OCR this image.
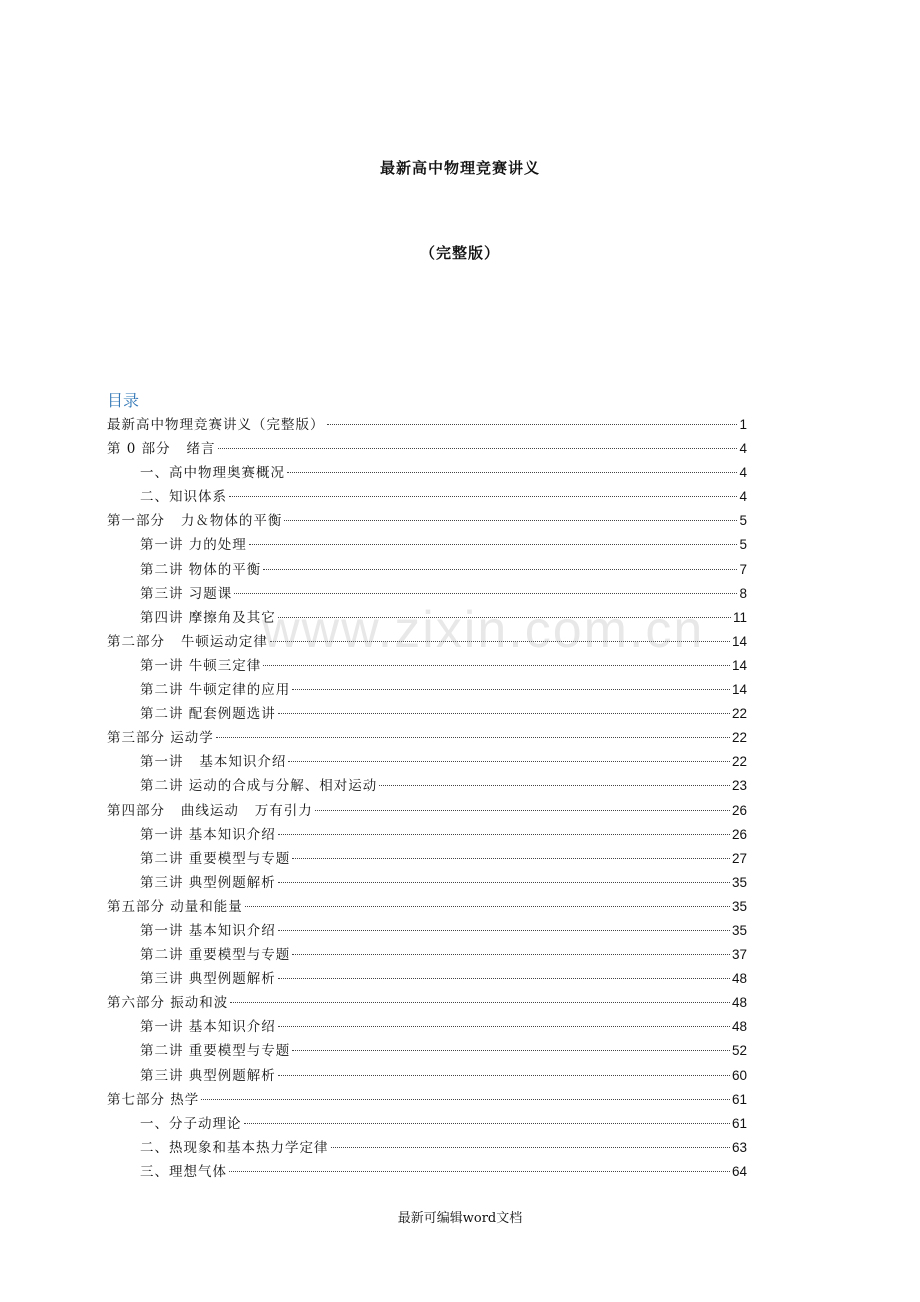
最新高中物理竞赛讲义
（完整版）
目录
最新高中物理竞赛讲义（完整版）	1
第 0 部分   绪言	4
一、高中物理奥赛概况	4
二、知识体系	4
第一部分   力＆物体的平衡	5
第一讲 力的处理	5
第二讲 物体的平衡	7
第三讲 习题课	8
第四讲 摩擦角及其它	11
第二部分   牛顿运动定律	14
第一讲 牛顿三定律	14
第二讲 牛顿定律的应用	14
第二讲 配套例题选讲	22
第三部分 运动学	22
第一讲   基本知识介绍	22
第二讲 运动的合成与分解、相对运动	23
第四部分   曲线运动   万有引力	26
第一讲 基本知识介绍	26
第二讲 重要模型与专题	27
第三讲 典型例题解析	35
第五部分 动量和能量	35
第一讲 基本知识介绍	35
第二讲 重要模型与专题	37
第三讲 典型例题解析	48
第六部分 振动和波	48
第一讲 基本知识介绍	48
第二讲 重要模型与专题	52
第三讲 典型例题解析	60
第七部分 热学	61
一、分子动理论	61
二、热现象和基本热力学定律	63
三、理想气体	64
www.zixin.com.cn
最新可编辑word文档
